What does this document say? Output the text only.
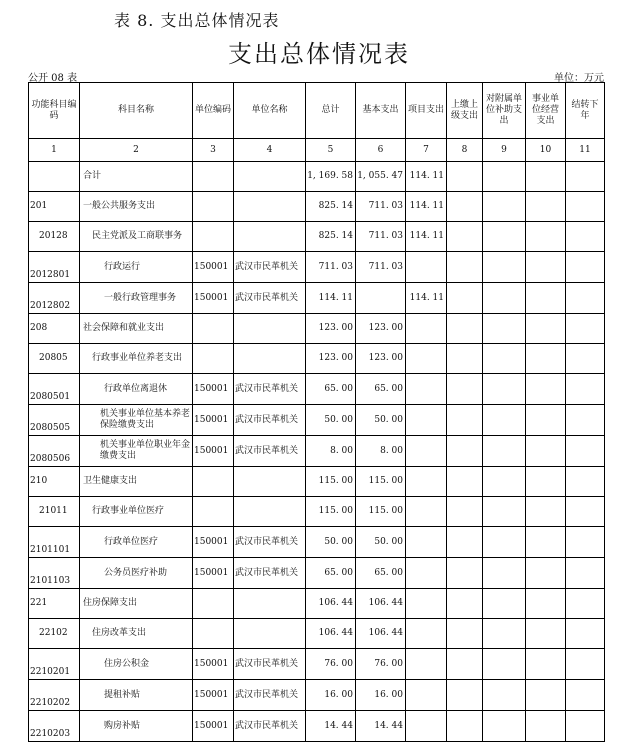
表 8. 支出总体情况表
支出总体情况表
公开 08 表	单位：万元
功能科目编码	科目名称	单位编码	单位名称	总计	基本支出	项目支出	上缴上级支出	对附属单位补助支出	事业单位经营支出	结转下年
1	2	3	4	5	6	7	8	9	10	11
	合计			1, 169. 58	1, 055. 47	114. 11				
201	一般公共服务支出			825. 14	711. 03	114. 11				
20128	民主党派及工商联事务			825. 14	711. 03	114. 11				
2012801	行政运行	150001	武汉市民革机关	711. 03	711. 03					
2012802	一般行政管理事务	150001	武汉市民革机关	114. 11		114. 11				
208	社会保障和就业支出			123. 00	123. 00					
20805	行政事业单位养老支出			123. 00	123. 00					
2080501	行政单位离退休	150001	武汉市民革机关	65. 00	65. 00					
2080505	机关事业单位基本养老保险缴费支出	150001	武汉市民革机关	50. 00	50. 00					
2080506	机关事业单位职业年金缴费支出	150001	武汉市民革机关	8. 00	8. 00					
210	卫生健康支出			115. 00	115. 00					
21011	行政事业单位医疗			115. 00	115. 00					
2101101	行政单位医疗	150001	武汉市民革机关	50. 00	50. 00					
2101103	公务员医疗补助	150001	武汉市民革机关	65. 00	65. 00					
221	住房保障支出			106. 44	106. 44					
22102	住房改革支出			106. 44	106. 44					
2210201	住房公积金	150001	武汉市民革机关	76. 00	76. 00					
2210202	提租补贴	150001	武汉市民革机关	16. 00	16. 00					
2210203	购房补贴	150001	武汉市民革机关	14. 44	14. 44					
